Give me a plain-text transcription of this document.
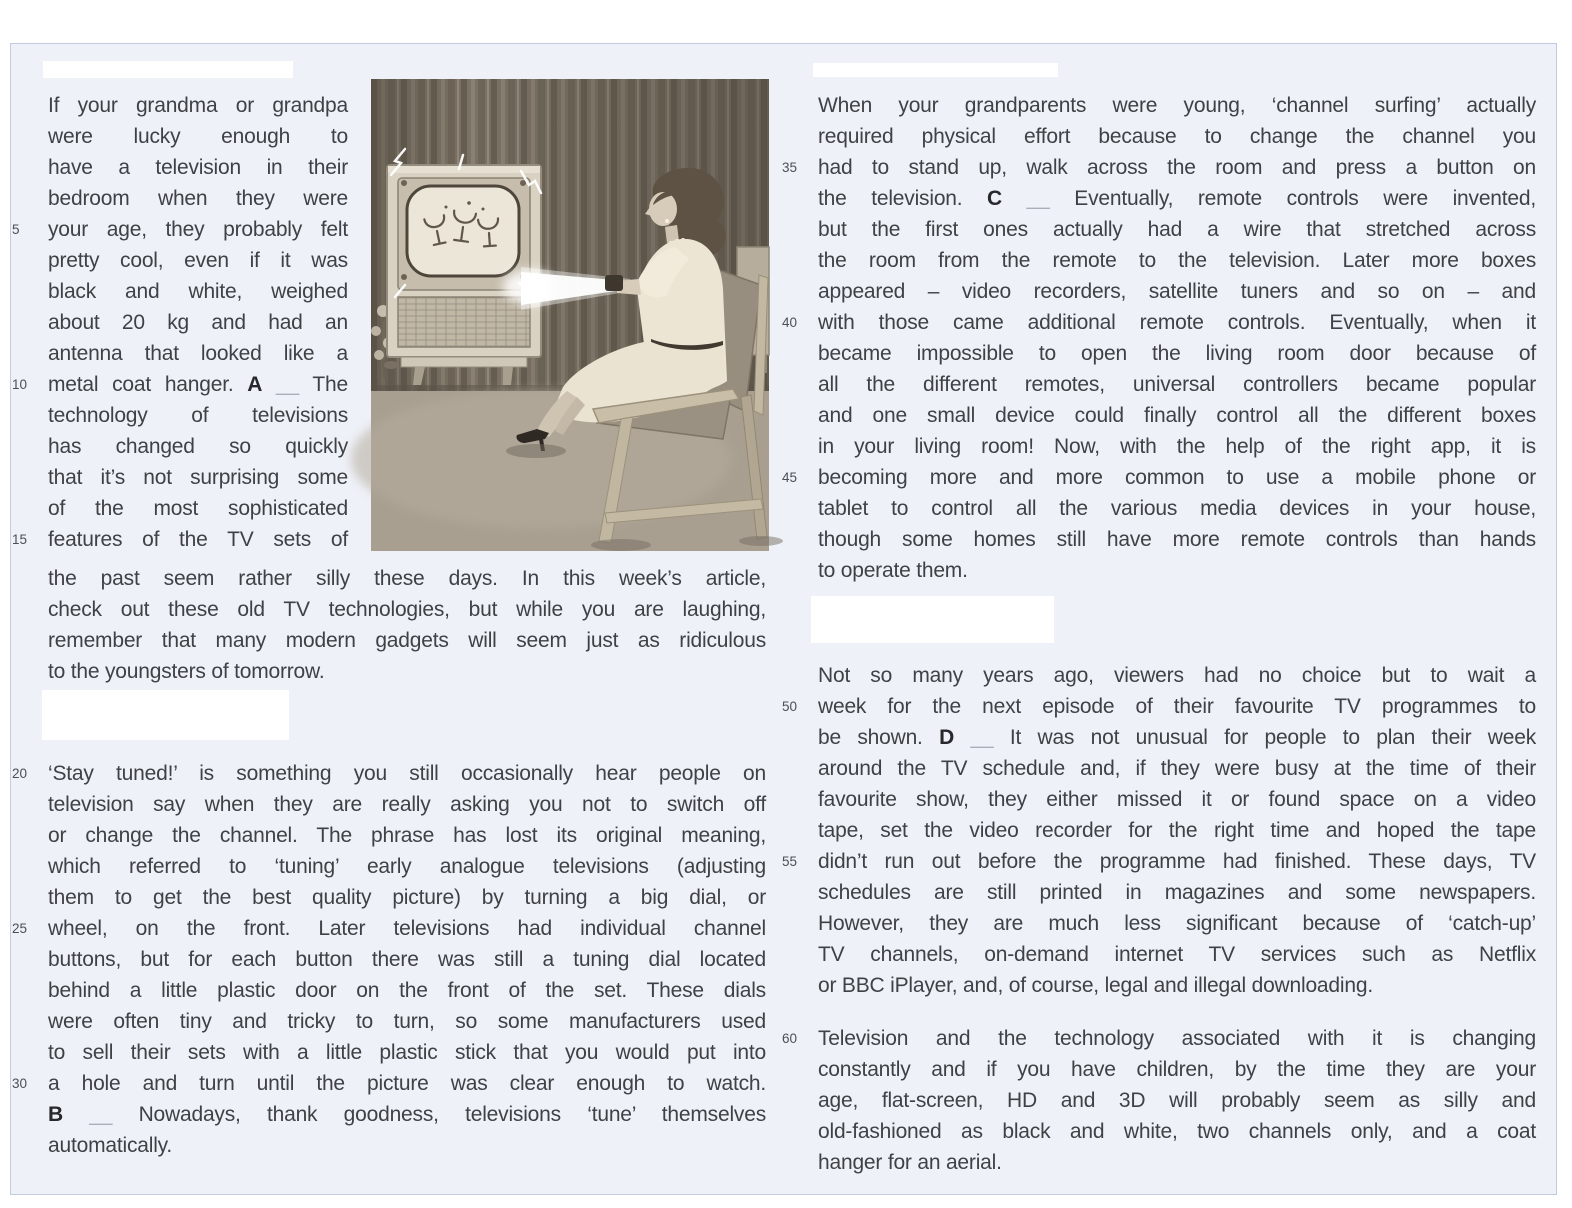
If your grandma or grandpa
were lucky enough to
have a television in their
bedroom when they were
5	your age, they probably felt
pretty cool, even if it was
black and white, weighed
about 20 kg and had an
antenna that looked like a
10 metal coat hanger. A __ The
technology of televisions
has changed so quickly
that it’s not surprising some
of the most sophisticated
15 features of the TV sets of
the past seem rather silly these days. In this week’s article,
check out these old TV technologies, but while you are laughing,
remember that many modern gadgets will seem just as ridiculous
to the youngsters of tomorrow.
20 ‘Stay tuned!’ is something you still occasionally hear people on
television say when they are really asking you not to switch off
or change the channel. The phrase has lost its original meaning,
which referred to ‘tuning’ early analogue televisions (adjusting
them to get the best quality picture) by turning a big dial, or
25 wheel, on the front. Later televisions had individual channel
buttons, but for each button there was still a tuning dial located
behind a little plastic door on the front of the set. These dials
were often tiny and tricky to turn, so some manufacturers used
to sell their sets with a little plastic stick that you would put into
30 a hole and turn until the picture was clear enough to watch.
B __ Nowadays, thank goodness, televisions ‘tune’ themselves
automatically.
When your grandparents were young, ‘channel surfing’ actually
required physical effort because to change the channel you
35 had to stand up, walk across the room and press a button on
the television. C __ Eventually, remote controls were invented,
but the first ones actually had a wire that stretched across
the room from the remote to the television. Later more boxes
appeared – video recorders, satellite tuners and so on – and
40 with those came additional remote controls. Eventually, when it
became impossible to open the living room door because of
all the different remotes, universal controllers became popular
and one small device could finally control all the different boxes
in your living room! Now, with the help of the right app, it is
45 becoming more and more common to use a mobile phone or
tablet to control all the various media devices in your house,
though some homes still have more remote controls than hands
to operate them.
Not so many years ago, viewers had no choice but to wait a
50 week for the next episode of their favourite TV programmes to
be shown. D __ It was not unusual for people to plan their week
around the TV schedule and, if they were busy at the time of their
favourite show, they either missed it or found space on a video
tape, set the video recorder for the right time and hoped the tape
55 didn’t run out before the programme had finished. These days, TV
schedules are still printed in magazines and some newspapers.
However, they are much less significant because of ‘catch-up’
TV channels, on-demand internet TV services such as Netflix
or BBC iPlayer, and, of course, legal and illegal downloading.
60 Television and the technology associated with it is changing
constantly and if you have children, by the time they are your
age, flat-screen, HD and 3D will probably seem as silly and
old-fashioned as black and white, two channels only, and a coat
hanger for an aerial.
